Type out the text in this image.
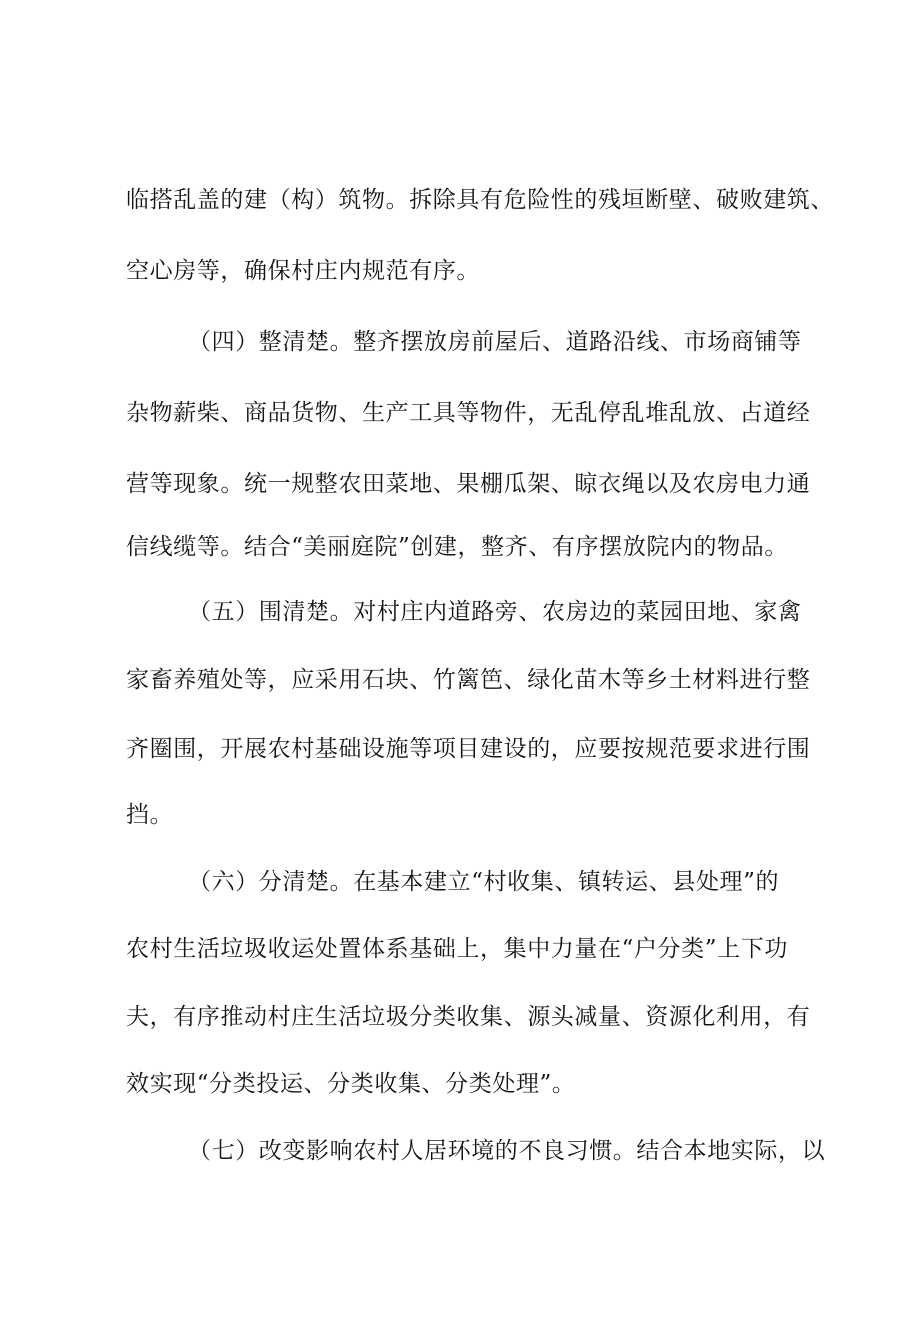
临搭乱盖的建（构）筑物。拆除具有危险性的残垣断壁、破败建筑、
空心房等，确保村庄内规范有序。
（四）整清楚。整齐摆放房前屋后、道路沿线、市场商铺等
杂物薪柴、商品货物、生产工具等物件，无乱停乱堆乱放、占道经
营等现象。统一规整农田菜地、果棚瓜架、晾衣绳以及农房电力通
信线缆等。结合“美丽庭院”创建，整齐、有序摆放院内的物品。
（五）围清楚。对村庄内道路旁、农房边的菜园田地、家禽
家畜养殖处等，应采用石块、竹篱笆、绿化苗木等乡土材料进行整
齐圈围，开展农村基础设施等项目建设的，应要按规范要求进行围
挡。
（六）分清楚。在基本建立“村收集、镇转运、县处理”的
农村生活垃圾收运处置体系基础上，集中力量在“户分类”上下功
夫，有序推动村庄生活垃圾分类收集、源头减量、资源化利用，有
效实现“分类投运、分类收集、分类处理”。
（七）改变影响农村人居环境的不良习惯。结合本地实际，以
